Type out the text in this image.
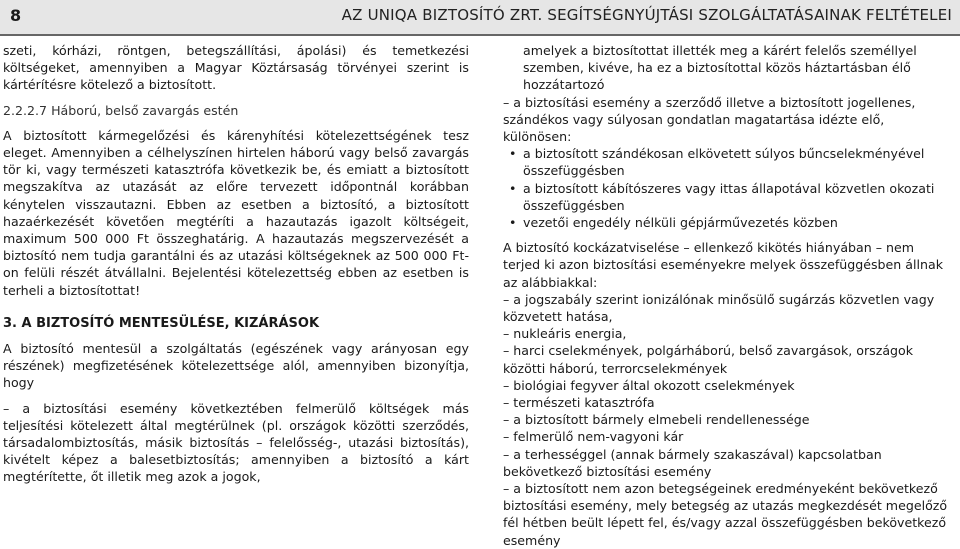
8	AZ UNIQA BIZTOSÍTÓ ZRT. SEGÍTSÉGNYÚJTÁSI SZOLGÁLTATÁSAINAK FELTÉTELEI

szeti, kórházi, röntgen, betegszállítási, ápolási) és temetkezési költségeket, amennyiben a Magyar Köztársaság törvényei szerint is kártérítésre kötelező a biztosított.

2.2.2.7 Háború, belső zavargás estén

A biztosított kármegelőzési és kárenyhítési kötelezettségének tesz eleget. Amennyiben a célhelyszínen hirtelen háború vagy belső zavargás tör ki, vagy természeti katasztrófa következik be, és emiatt a biztosított megszakítva az utazását az előre tervezett időpontnál korábban kénytelen visszautazni. Ebben az esetben a biztosító, a biztosított hazaérkezését követően megtéríti a hazautazás igazolt költségeit, maximum 500 000 Ft összeghatárig. A hazautazás megszervezését a biztosító nem tudja garantálni és az utazási költségeknek az 500 000 Ft-on felüli részét átvállalni. Bejelentési kötelezettség ebben az esetben is terheli a biztosítottat!

3. A BIZTOSÍTÓ MENTESÜLÉSE, KIZÁRÁSOK

A biztosító mentesül a szolgáltatás (egészének vagy arányosan egy részének) megfizetésének kötelezettsége alól, amennyiben bizonyítja, hogy

– a biztosítási esemény következtében felmerülő költségek más teljesítési kötelezett által megtérülnek (pl. országok közötti szerződés, társadalombiztosítás, másik biztosítás – felelősség-, utazási biztosítás), kivételt képez a balesetbiztosítás; amennyiben a biztosító a kárt megtérítette, őt illetik meg azok a jogok,

amelyek a biztosítottat illették meg a kárért felelős személlyel szemben, kivéve, ha ez a biztosítottal közös háztartásban élő hozzátartozó

– a biztosítási esemény a szerződő illetve a biztosított jogellenes, szándékos vagy súlyosan gondatlan magatartása idézte elő, különösen:

• a biztosított szándékosan elkövetett súlyos bűncselekményével összefüggésben
• a biztosított kábítószeres vagy ittas állapotával közvetlen okozati összefüggésben
• vezetői engedély nélküli gépjárművezetés közben

A biztosító kockázatviselése – ellenkező kikötés hiányában – nem terjed ki azon biztosítási eseményekre melyek összefüggésben állnak az alábbiakkal:

– a jogszabály szerint ionizálónak minősülő sugárzás közvetlen vagy közvetett hatása,

– nukleáris energia,

– harci cselekmények, polgárháború, belső zavargások, országok közötti háború, terrorcselekmények

– biológiai fegyver által okozott cselekmények

– természeti katasztrófa

– a biztosított bármely elmebeli rendellenessége

– felmerülő nem-vagyoni kár

– a terhességgel (annak bármely szakaszával) kapcsolatban bekövetkező biztosítási esemény

– a biztosított nem azon betegségeinek eredményeként bekövetkező biztosítási esemény, mely betegség az utazás megkezdését megelőző fél hétben beült lépett fel, és/vagy azzal összefüggésben bekövetkező esemény
